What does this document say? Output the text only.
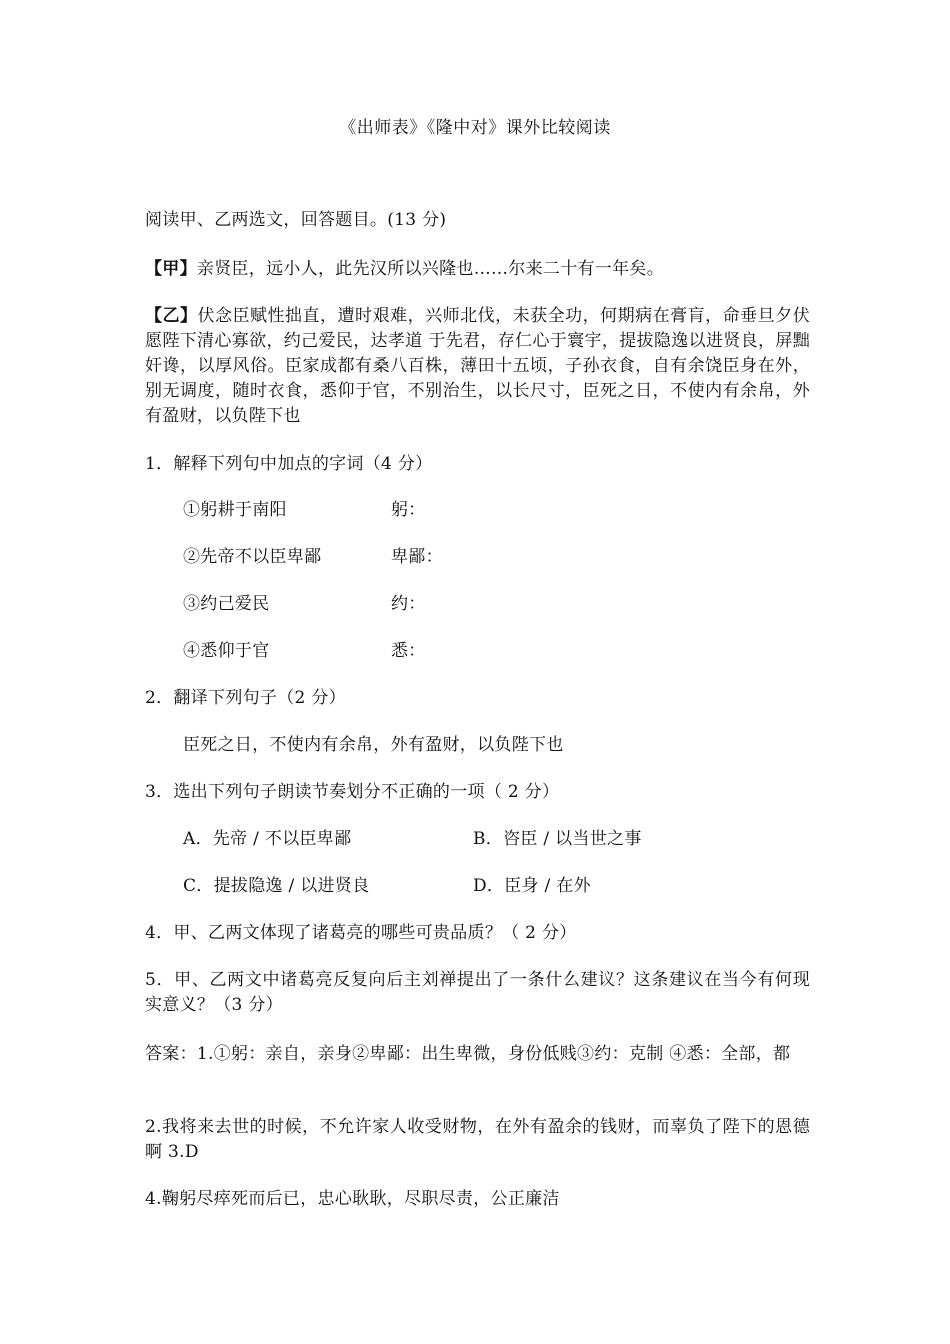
《出师表》《隆中对》课外比较阅读
阅读甲、乙两选文，回答题目。(13 分)
【甲】亲贤臣，远小人，此先汉所以兴隆也……尔来二十有一年矣。
【乙】伏念臣赋性拙直，遭时艰难，兴师北伐，未获全功，何期病在膏肓，命垂旦夕伏愿陛下清心寡欲，约己爱民，达孝道 于先君，存仁心于寰宇，提拔隐逸以进贤良，屏黜奸谗，以厚风俗。臣家成都有桑八百株，薄田十五顷，子孙衣食，自有余饶臣身在外，别无调度，随时衣食，悉仰于官，不别治生，以长尺寸，臣死之日，不使内有余帛，外有盈财，以负陛下也
1．解释下列句中加点的字词（4 分）
①躬耕于南阳	躬：
②先帝不以臣卑鄙	卑鄙：
③约己爱民	约：
④悉仰于官	悉：
2．翻译下列句子（2 分）
臣死之日，不使内有余帛，外有盈财，以负陛下也
3．选出下列句子朗读节奏划分不正确的一项（ 2 分）
A．先帝 / 不以臣卑鄙	B．咨臣 / 以当世之事
C．提拔隐逸 / 以进贤良	D．臣身 / 在外
4．甲、乙两文体现了诸葛亮的哪些可贵品质？（ 2 分）
5．甲、乙两文中诸葛亮反复向后主刘禅提出了一条什么建议？这条建议在当今有何现实意义？（3 分）
答案：1.①躬：亲自，亲身②卑鄙：出生卑微，身份低贱③约：克制 ④悉：全部，都
2.我将来去世的时候，不允许家人收受财物，在外有盈余的钱财，而辜负了陛下的恩德啊 3.D
4.鞠躬尽瘁死而后已，忠心耿耿，尽职尽责，公正廉洁
